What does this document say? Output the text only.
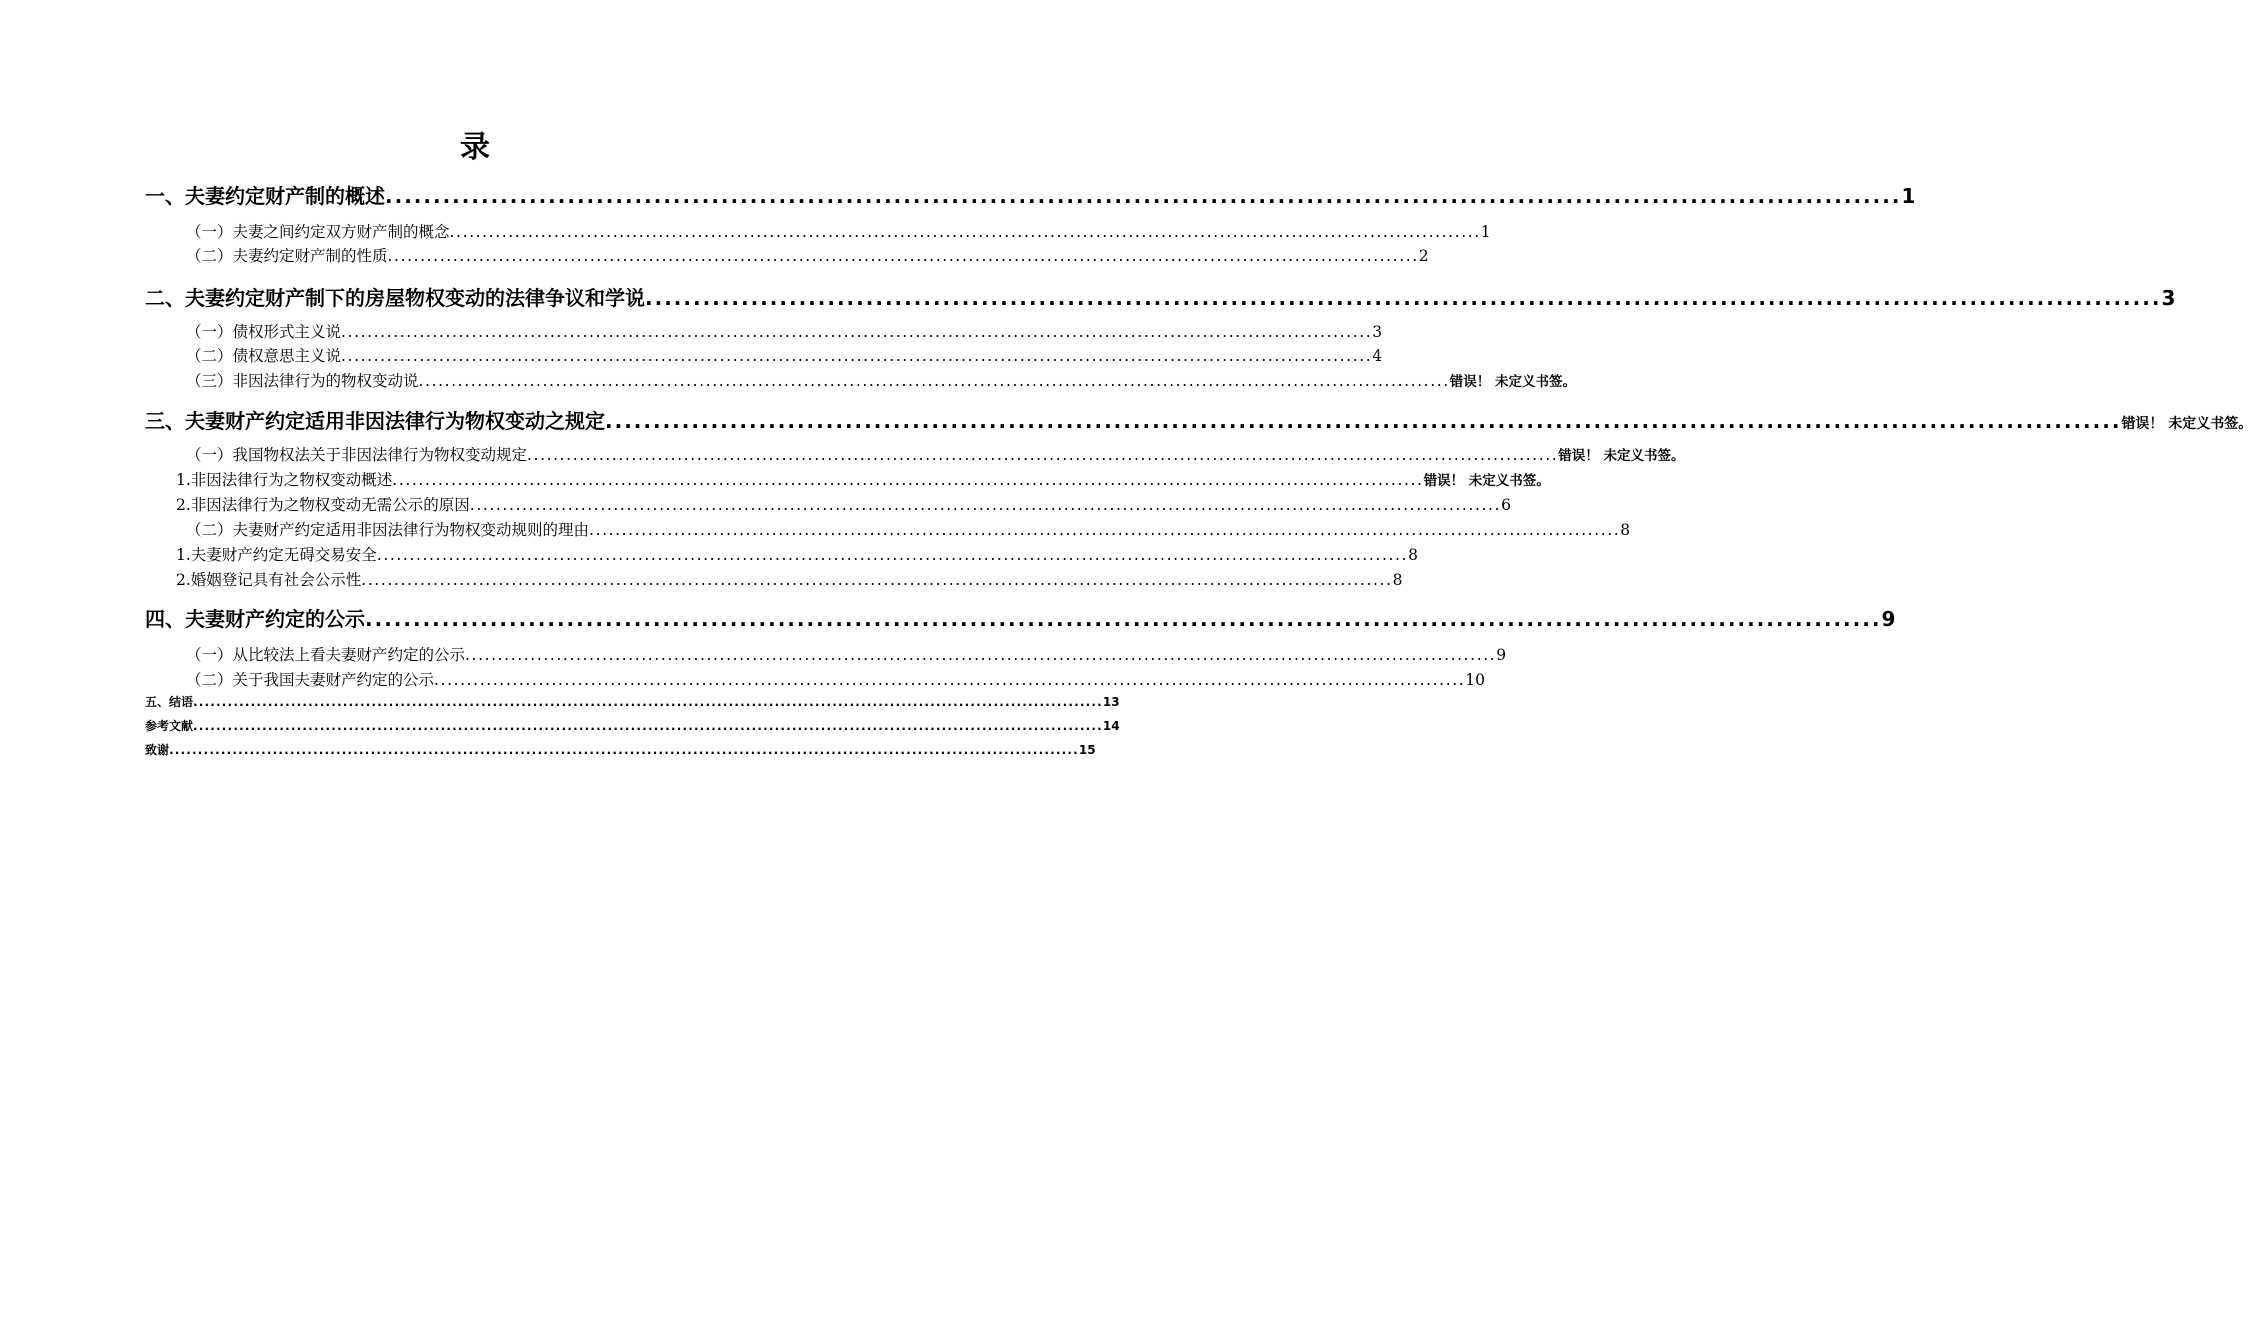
录
一、夫妻约定财产制的概述 .............................................................................................................................................................. 1
（一）夫妻之间约定双方财产制的概念 .............................................................................................................................................................. 1
（二）夫妻约定财产制的性质 .............................................................................................................................................................. 2
二、夫妻约定财产制下的房屋物权变动的法律争议和学说 .............................................................................................................................................................. 3
（一）债权形式主义说 .............................................................................................................................................................. 3
（二）债权意思主义说 .............................................................................................................................................................. 4
（三）非因法律行为的物权变动说 .............................................................................................................................................................. 错误！ 未定义书签。
三、夫妻财产约定适用非因法律行为物权变动之规定 .............................................................................................................................................................. 错误！ 未定义书签。
（一）我国物权法关于非因法律行为物权变动规定 .............................................................................................................................................................. 错误！ 未定义书签。
1.非因法律行为之物权变动概述 .............................................................................................................................................................. 错误！ 未定义书签。
2.非因法律行为之物权变动无需公示的原因 .............................................................................................................................................................. 6
（二）夫妻财产约定适用非因法律行为物权变动规则的理由 .............................................................................................................................................................. 8
1.夫妻财产约定无碍交易安全 .............................................................................................................................................................. 8
2.婚姻登记具有社会公示性 .............................................................................................................................................................. 8
四、夫妻财产约定的公示 .............................................................................................................................................................. 9
（一）从比较法上看夫妻财产约定的公示 .............................................................................................................................................................. 9
（二）关于我国夫妻财产约定的公示 .............................................................................................................................................................. 10
五、结语 .............................................................................................................................................................. 13
参考文献 .............................................................................................................................................................. 14
致谢 .............................................................................................................................................................. 15
